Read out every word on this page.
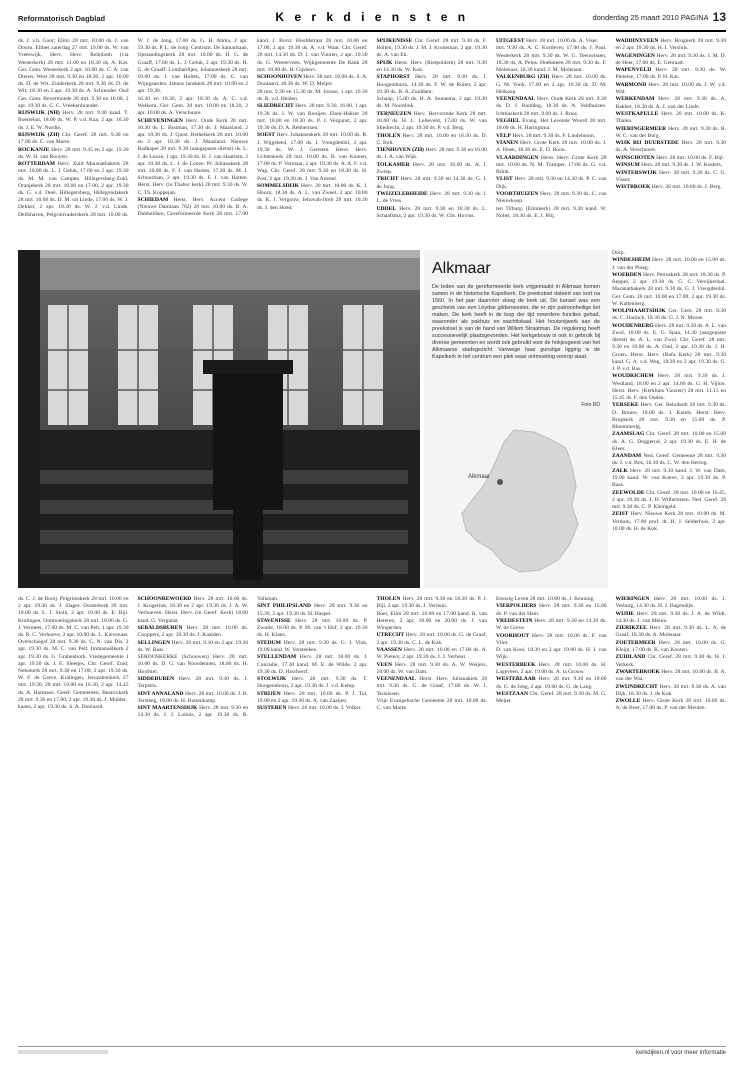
Reformatorisch Dagblad	K e r k d i e n s t e n	donderdag 25 maart 2010 PAGINA 13

ds. J. v.b. Goor; Elim: 28 mrt. 10.00 ds. J. van Doorn. Elthes zaterdag 27 mrt. 19.00 ds. W. van Vreeswijk. Herv. Herv. Rehoboth (via Westerkerk) 28 mrt. 11.00 en 18.30 ds. A. Kot. Ger. Gem. Westerkerk 2 apr. 10.00 ds. C. A. van Dieren. West 28 mrt. 9.30 en 18.30, 2 apr. 10.00 ds. D. de Wit. Zuiderkerk 28 mrt. 9.30 ds. D. de Wit; 18.30 en 2 apr. 19.30 ds. A. Schreuder. Oud Ger. Gem. Bevermoede 28 mrt. 9.30 en 16.00, 2 apr. 19.30 ds. C. C. Vreekenbrander.

RIJSWIJK (NH) Herv. 28 mrt. 9.30 kand. T. Boertebal, 18.00 ds. W. P. v.d. Kaa, 2 apr. 10.30 ds. J. E. W. Nordie.

RIJSWIJK (ZH) Chr. Geref. 28 mrt. 9.30 en 17.00 ds. C. van Marte.

ROCKANJE Herv. 28 mrt. 9.45 en 2 apr. 19.30 ds. W. H. van Rooyen.

ROTTERDAM Herv. Zuid Maranathakerk 28 mrt. 10.00 ds. L. J. Geluk, 17.00 en 2 apr. 19.30 ds. M. M. van Campen. Hillegersberg-Zuid, Oranjekerk 28 mrt. 10.00 en 17.00, 2 apr. 19.30 ds. G. v.d. Deel. Hillegersberg, Hillegondakerk 28 mrt. 10.00 ds. D. M. uit Linde, 17.00 ds. W. J. Dekker, 2 apr. 19.30 ds. W. J. v.d. Linde. Delfshaven, Pelgrimvaderskerk 28 mrt. 10.00 ds. W. J. de Jong, 17.00 ds. G. H. Abma, 2 apr. 19.30 ds. P. L. de Jong. Centrum, De Samaritaan, Opstandingskerk 28 mrt. 10.00 ds. H. G. de Graaff, 17.00 ds. L. J. Geluk, 2 apr. 19.30 ds. H. G. de Graaff. Lombardijen, Johanneskerk 28 mrt. 10.00 ds. J. van Holten, 17.00 ds. G. van Wijngaarden. Jannes Janskerk 28 mrt. 10.00 en 2 apr. 19.30.

16.30 en 18.30, 2 apr. 18.30 ds. A. C. v.d. Welkom. Ger. Gem. 28 mrt. 10.00 en 18.30, 2 apr. 10.00 ds. A. Verschuure.

SCHEVENINGEN Herv. Oude Kerk 28 mrt. 10.30 ds. L. Bouman, 17.30 ds. J. Maasland, 2 apr. 10.30 ds. J. Quist. Bethelkerk 28 mrt. 10.00 en 2 apr. 10.30 ds. J. Maasland. Nieuwe Badkapel 28 mrt. 9.30 (aangepaste dienst) ds. L. J. de Looze, 1 apr. 19.30 ds. H. J. van Haarlem, 2 apr. 10.30 ds. L. J. de Looze. Pr. Julianakerk 28 mrt. 10.00 ds. F. J. van Harten, 17.30 ds. M. J. Schuurman, 2 apr. 19.30 ds. F. J. van Harten. Herst. Herv. (in Thabor kerk) 28 mrt. 9.30 ds. W. C. Th. Koppejan.

SCHIEDAM Herst. Herv. Accent College (Nieuwe Damlaan 762) 28 mrt. 10.00 ds. B. A. Dubbeldam, Gereformeerde Kerk 28 mrt. 17.00 kand. J. Borst. Hoofdstraat 28 mrt. 10.00 en 17.00, 2 apr. 19.30 ds. A. v.d. Waar. Chr. Geref. 28 mrt. 14.30 ds. D. J. van Vuuren, 2 apr. 19.30 ds. G. Westerveen. Wijkgemeente De Rank 28 mrt. 10.00 ds. H. Gijsbers.

SCHOONHOVEN Herv. 28 mrt. 10.00 ds. S. A. Doolaard, 18.30 ds. W. D. Meijer.

28 mrt. 9.30 en 15.30 ds. M. Joosse, 1 apr. 19.30 ds. R. v.d. Heiden.

SLIEDRECHT Herv. 28 mrt. 9.30, 16.00, 1 apr. 19.30 ds. J. W. van Rooijen. Eben-Haëzer 28 mrt. 10.00 en 18.30 ds. P. J. Vergunst, 2 apr. 19.30 ds. D. A. Rebbertsen.

SOEST Herv. Johanneskerk 28 mrt. 10.00 ds. R. J. Wijgeleed, 17.00 ds. J. Vreugdenhil, 2 apr. 19.30 ds. W. J. Gertsem. Herst. Herv. Uchtenkerk 28 mrt. 10.00 ds. B. van Kooten, 17.00 ds. P. Vermaat, 2 apr. 19.30 ds. A. A. F. v.d. Wag. Chr. Geref. 28 mrt. 9.30 en 18.30 ds. H. Post, 2 apr. 19.30 ds. J. Van Amstel.

SOMMELSDIJK Herv. 28 mrt. 10.00 ds. K. J. Hoorn, 18.30 ds. A. L. van Zweel, 2 apr. 10.00 ds. K. J. Vergouw, Jehovah-Jireh 28 mrt. 10.30 ds. J. den Hoed.

SPIJKENISSE Chr. Geref. 28 mrt. 9.30 ds. F. Bolten, 19.30 ds. J. M. J. Kroneman, 2 apr. 19.30 ds. A. van Ek.

SPIJK Herst. Herv. (Rietpolderk) 28 mrt. 9.30 en 14.30 ds. W. Kok.

STAPHORST Herv. 28 mrt. 9.30 ds. J. Hoogendoorn, 14.30 ds. F. W. de Ruiter, 2 apr. 19.30 ds. B. A. Zuiddam.

Schaap, 15.00 ds. H. A. Sonnema, 2 apr. 19.30 ds. M. Noordink.

TERNEUZEN Herv. Hervormde Kerk 28 mrt. 10.00 ds. H. L. Lelieveld, 17.00 ds. W. van Sliedrecht, 2 apr. 19.30 ds. P. v.d. Berg.

THOLEN Herv. 28 mrt. 10.00 en 18.30 ds. D. C. Bolt.

TIENHOVEN (ZH) Herv. 28 mrt. 9.30 en 16.00 ds. J. A. van Wijk.

TOLKAMER Herv. 28 mrt. 10.00 ds. A. J. Zwiep.

TRICHT Herv. 28 mrt. 9.30 en 14.30 ds. G. J. de Jong.

TWIJZELERHEIDE Herv. 28 mrt. 9.30 ds. J. L. de Vries.

UDDEL Herv. 28 mrt. 9.30 en 18.30 ds. L. Schaafsma, 2 apr. 19.30 ds. W. Chr. Hovius.

UITGEEST Herv. 28 mrt. 10.00 ds. A. Viset.

mrt. 9.30 ds. A. C. Kortlever, 17.00 ds. J. Paul. Westerkerk 28 mrt. 9.30 ds. W. G. Teeuwissen, 18.30 ds. A. Pelos. Hoeksteen 28 mrt. 9.30 ds. F. Molenaar, 18.30 kand. J. M. Molenaar.

VALKENBURG (ZH) Herv. 28 mrt. 10.00 ds. G. M. Vonk, 17.00 en 2 apr. 19.30 ds. D. M. Heikoop.

VEENENDAAL Herv. Oude Kerk 28 mrt. 9.30 ds. D. J. Budding, 18.30 ds. A. Veldhuizen. Ichthuskerk 28 mrt. 9.00 ds. J. Roos.

VEGHEL Evang. Het Levende Woord 28 mrt. 10.00 ds. H. Haringsma.

VELP Herv. 28 mrt. 9.30 ds. F. Lindeboom.

VIANEN Herv. Grote Kerk 28 mrt. 10.00 ds. J. A. Hoek, 18.30 ds. E. D. Boon.

VLAARDINGEN Herst. Herv. Grote Kerk 28 mrt. 10.00 ds. N. M. Tramper, 17.00 ds. G. v.d. Brink.

VLIST Herv. 28 mrt. 9.30 en 14.30 ds. P. C. van Dijk.

VOORTHUIZEN Herv. 28 mrt. 9.30 ds. C. van Nieuwkoop.

ten Tilburg. (Elimkerk) 28 mrt. 9.30 kand. W. Nobel, 18.30 ds. E. J. Blij.

WADDINXVEEN Herv. Brugkerk 28 mrt. 9.30 en 2 apr. 19.30 ds. H. I. Versluis.

WAGENINGEN Herv. 28 mrt. 9.30 ds. J. M. D. de Heer, 17.00 ds. E. Gebraad.

WAPENVELD Herv. 28 mrt. 9.30 ds. W. Pieterse, 17.00 ds. P. H. Kat.

WARMOND Herv. 28 mrt. 10.00 ds. J. W. v.d. Wal.

WERKENDAM Herv. 28 mrt. 9.30 ds. A. Bakker, 18.30 ds. A. J. van der Linde.

WESTKAPELLE Herv. 28 mrt. 10.00 ds. K. Thalen.

WIERINGERMEER Herv. 28 mrt. 9.30 ds. R. W. C. van der Burg.

WIJK BIJ DUURSTEDE Herv. 28 mrt. 9.30 ds. A. Verschuure.

WINSCHOTEN Herv. 28 mrt. 10.00 ds. F. Bijl.

WINSUM Herv. 28 mrt. 9.30 ds. J. W. Kusters.

WINTERSWIJK Herv. 28 mrt. 9.30 ds. C. G. Visser.

WISTBROEK Herv. 28 mrt. 10.00 ds. J. Berg.

Alkmaar
De leden van de gereformeerde kerk vrijgemaakt in Alkmaar komen samen in de historische Kapelkerk. De preekstoel dateert van kort na 1560. In het jaar daarvóór sloeg de kerk uit. De kansel was een geschenk van een Leydse gildemeester, die er zijn patroonheilige liet maken. De kerk heeft in de loop der tijd meerdere functies gehad, waaronder als pakhuis en wachtlokaal. Het houtsnijwerk aan de preekstoel is van de hand van Willem Straatman. De regulering heeft successievelijk plaatsgevonden. Het kerkgebouw is ook in gebruik bij diverse gemeenten en wordt ook gebruikt voor de hokjesgeest van het Alkmaarse stadsgezicht. Vanwege haar gunstige ligging is de Kapelkerk in het centrum een plek waar ontmoeting voorop staat.
Foto RD
Alkmaar

Dorp.

WINDESHEIM Herv. 28 mrt. 10.00 en 15.00 ds. J. van der Ploeg.

WOERDEN Herv. Petruskerk 28 mrt. 18.30 ds. P. Beppel, 2 apr. 19.30 ds. G. C. Vereijkenbal. Maranathakerk 28 mrt. 9.30 ds. G. J. Vreugdenhil. Ger. Gem. 28 mrt. 10.00 en 17.00, 2 apr. 19.30 ds. W. Kattenberg.

WOLPHAARTSDIJK Ger. Gem. 28 mrt. 9.30 ds. C. Harinck, 18.30 ds. G. J. N. Mosse.

WOUDENBERG Herv. 28 mrt. 9.30 ds. A. L. van Zwol, 18.00 ds. E. G. Spaa, 14.30 (aangepaste dienst) ds. A. L. van Zwol. Chr. Geref. 28 mrt. 9.30 en 18.00 ds. A. Oud, 2 apr. 19.30 ds. J. H. Groen. Herst. Herv. (Rafa Kerk) 28 mrt. 9.30 kand. G. A. v.d. Weg, 18.30 en 2 apr. 19.30 ds. G. J. P. v.d. Bas.

WOUDRICHEM Herv. 28 mrt. 9.30 ds. J. Westland, 18.00 en 2 apr. 14.00 ds. G. H. Vijlon. Herst. Herv. (Kerkhuis 'Gezien') 28 mrt. 11.15 en 15.45 ds. F. den Ouden.

YERSEKE Herv. Ger. Rehoboth 28 mrt. 9.30 ds. D. Breure, 18.00 ds. J. Karels. Herst. Herv. Brugkerk 28 mrt. 9.30 en 15.00 ds. P. Bloemmerlg.

ZAAMSLAG Chr. Geref. 28 mrt. 10.00 en 15.00 ds. A. G. Doggerud, 2 apr. 19.30 ds. E. H. de Kleer.

ZAANDAM Ned. Geref. Gemeente 28 mrt. 9.30 ds. J. v.d. Bos, 16.30 ds. C. W. den Hertog.

ZALK Herv. 28 mrt. 9.30 kand. J. W. van Dam, 19.00 kand. W. van Koeve, 2 apr. 19.30 ds. P. Baas.

ZEEWOLDE Chr. Geref. 28 mrt. 10.00 en 16.45, 2 apr. 19.30 ds. J. H. Wilhelmsen. Ned. Geref. 28 mrt. 9.30 ds. C. P. Kleingeld.

ZEIST Herv. Nieuwe Kerk 28 mrt. 10.00 ds. M. Verduin, 17.00 prof. dr. H. J. Selderhuis, 2 apr. 10.00 ds. H. de Kok.

ds. C. J. de Rooij. Pelgrimskerk 28 mrt. 10.00 en 2 apr. 19.30 ds. J. Slager. Oosterkerk 28 mrt. 10.00 ds. L. J. Stolk, 2 apr. 10.00 ds. E. Bijl. Kralingen, Ontmoetingskerk 28 mrt. 10.00 ds. G. J. Vermeer, 17.00 ds. M. C. van Pelt, 1 apr. 19.30 ds. R. C. Verhoeve, 2 apr. 10.00 ds. L. Kievenaar. Overschiegsf 28 mrt. 9.30 ds. C. N. van Dis, 2 apr. 19.30 ds. M. C. van Pelt. Immanuëlkerk 2 apr. 19.30 ds. G. Grabenbork. Vredegemeente 1 apr. 19.30 ds. J. E. Sleetjes. Chr. Geref. Zuid, Nebokerk 28 mrt. 9.30 en 17.00, 2 apr. 19.30 ds. W. F. de Greve. Kralingen, Jeruzalemkerk 27 mrt. 19.30, 28 mrt. 10.00 en 16.30, 2 apr. 14.45 ds. A. Harmsen. Geref. Gemeenten, Beatrixkerk 28 mrt. 9.30 en 17.00, 2 apr. 19.30 ds. J. Mulder.

kaans, 2 apr. 19.30 ds. S. A. Doolaard.

SCHOONREWOERD Herv. 28 mrt. 10.00 ds. J. Krugerink, 18.30 en 2 apr. 19.30 ds. J. A. W. Verhoeven. Herst. Herv. (in Geref. Kerk) 18.00 kand. G. Vergunst.

SEBALDSBUREN Herv. 28 mrt. 10.00 ds. Cnoppers, 2 apr. 19.30 ds. J. Kaaiden.

SELLINGEN Herv. 28 mrt. 9.30 en 2 apr. 19.30 ds. W. Baar.

SEROOSKERKE (Schouwen) Herv. 28 mrt. 10.00 ds. D. G. van Noordennen, 18.00 ds. H. Hoofstel.

SIDDEBUREN Herv. 28 mrt. 9.30 ds. J. Terpstra.

SINT ANNALAND Herv. 28 mrt. 10.00 ds. J. B. Tersteeg, 18.00 ds. H. Ruttenkamp.

SINT MAARTENSDIJK Herv. 28 mrt. 9.30 en 14.30 ds. J. J. Lohuis, 2 apr. 19.30 ds. R. Valkman.

SINT PHILIPSLAND Herv. 28 mrt. 9.30 en 15.30, 2 apr. 19.30 ds. H. Haspel.

STAVENISSE Herv. 28 mrt. 10.00 ds. P. Zwolle, 18.00 ds. P. M. van 't Hof, 2 apr. 19.30 ds. H. Klaus.

STEDUM Herv. 28 mrt. 9.30 ds. G. J. Vink, 19.00 kand. W. Versteekes.

STELLENDAM Herv. 28 mrt. 10.00 ds. J. Conradie, 17.30 kand. M. E. de Wilde, 2 apr. 19.30 ds. D. Hoofwerf.

STOLWIJK Herv. 28 mrt. 9.30 ds. T. Hoogendoorn, 2 apr. 19.30 ds. J. v.d. Kemp.

STRIJEN Herv. 28 mrt. 10.00 ds. P. J. Tol, 19.00 en 2 apr. 19.30 ds. A. van Zaaijen.

SUSTEREN Herv. 28 mrt. 10.00 ds. J. Volker.

THOLEN Herv. 28 mrt. 9.30 en 18.30 ds. P. J. Bijl, 2 apr. 19.30 ds. J. Verduin.

Boer, Elim 28 mrt. 10.00 en 17.00 kand. R. van Heteren, 2 apr. 10.00 en 20.00 ds. J. van Wingerden.

UTRECHT Herv. 28 mrt. 10.00 ds. G. de Graaf, 2 apr. 19.30 ds. C. L. de Kok.

VAASSEN Herv. 28 mrt. 10.00 en 17.00 ds. A. W. Pieters, 2 apr. 19.30 ds. J. J. Verheul.

VEEN Herv. 28 mrt. 9.30 ds. A. W. Weijers, 18.00 ds. W. van Dam.

VEENENDAAL Herst. Herv. Julianakerk 28 mrt. 9.30 ds. G. de Graaf, 17.00 ds. W. J. Teunissen.

Vrije Evangelische Gemeente 28 mrt. 10.00 ds. C. van Marte.

Eeuwig Leven 28 mrt. 10.00 ds. J. Keuning.

VIERPOLDERS Herv. 28 mrt. 9.30 en 15.00 ds. P. van der Ham.

VREDESTEIN Herv. 28 mrt. 9.30 en 14.30 ds. W. de Greve.

VOORHOUT Herv. 28 mrt. 10.00 ds. F. van Vliet.

D. van Kooi, 18.30 en 2 apr. 19.00 ds. H. J. van Wijk.

WESTERBEEK Herv. 28 mrt. 10.00 ds. H. Lageveen, 2 apr. 19.00 ds. A. la Grouw.

WESTERLAAR Herv. 28 mrt. 9.30 en 18.00 ds. G. de Jong, 2 apr. 19.00 ds. G. de Lang.

WESTZAAN Chr. Geref. 28 mrt. 9.30 ds. M. G. Meijer.

WIERINGEN Herv. 28 mrt. 10.00 ds. J. Verburg, 14.30 ds. H. J. Hagendijk.

WIJHE Herv. 28 mrt. 9.30 ds. J. A. de Wildt, 14.30 ds. J. van Meurs.

ZIERIKZEE Herv. 28 mrt. 9.30 ds. L. A. de Graaf, 18.30 ds. A. Molenaar.

ZOETERMEER Herv. 28 mrt. 10.00 ds. G. Kleijn, 17.00 ds. K. van Kooten.

ZUIDLAND Chr. Geref. 28 mrt. 9.30 ds. H. J. Verkerk.

ZWARTEBROEK Herv. 28 mrt. 10.00 ds. B. A. van der Wal.

ZWIJNDRECHT Herv. 28 mrt. 9.30 ds. A. van Dijk, 18.30 ds. J. de Kok.

ZWOLLE Herv. Grote Kerk 28 mrt. 10.00 ds. A. de Boer, 17.00 ds. P. van der Meulen.

kerkdijken.nl voor meer informatie
